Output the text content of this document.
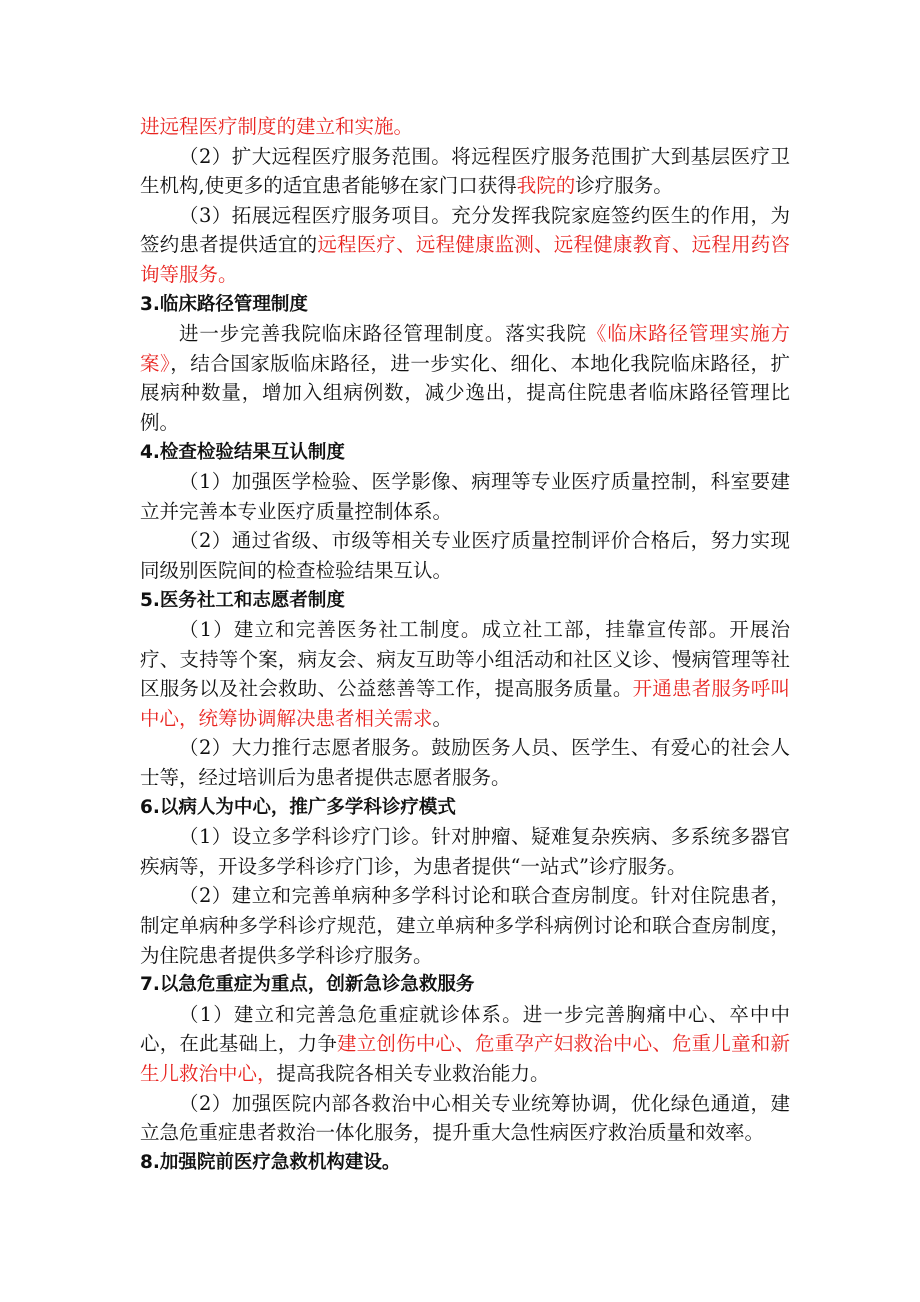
进远程医疗制度的建立和实施。

（2）扩大远程医疗服务范围。将远程医疗服务范围扩大到基层医疗卫生机构,使更多的适宜患者能够在家门口获得我院的诊疗服务。

（3）拓展远程医疗服务项目。充分发挥我院家庭签约医生的作用，为签约患者提供适宜的远程医疗、远程健康监测、远程健康教育、远程用药咨询等服务。

3.临床路径管理制度

进一步完善我院临床路径管理制度。落实我院《临床路径管理实施方案》，结合国家版临床路径，进一步实化、细化、本地化我院临床路径，扩展病种数量，增加入组病例数，减少逸出，提高住院患者临床路径管理比例。

4.检查检验结果互认制度

（1）加强医学检验、医学影像、病理等专业医疗质量控制，科室要建立并完善本专业医疗质量控制体系。

（2）通过省级、市级等相关专业医疗质量控制评价合格后，努力实现同级别医院间的检查检验结果互认。

5.医务社工和志愿者制度

（1）建立和完善医务社工制度。成立社工部，挂靠宣传部。开展治疗、支持等个案，病友会、病友互助等小组活动和社区义诊、慢病管理等社区服务以及社会救助、公益慈善等工作，提高服务质量。开通患者服务呼叫中心，统筹协调解决患者相关需求。

（2）大力推行志愿者服务。鼓励医务人员、医学生、有爱心的社会人士等，经过培训后为患者提供志愿者服务。

6.以病人为中心，推广多学科诊疗模式

（1）设立多学科诊疗门诊。针对肿瘤、疑难复杂疾病、多系统多器官疾病等，开设多学科诊疗门诊，为患者提供“一站式”诊疗服务。

（2）建立和完善单病种多学科讨论和联合查房制度。针对住院患者，制定单病种多学科诊疗规范，建立单病种多学科病例讨论和联合查房制度，为住院患者提供多学科诊疗服务。

7.以急危重症为重点，创新急诊急救服务

（1）建立和完善急危重症就诊体系。进一步完善胸痛中心、卒中中心，在此基础上，力争建立创伤中心、危重孕产妇救治中心、危重儿童和新生儿救治中心，提高我院各相关专业救治能力。

（2）加强医院内部各救治中心相关专业统筹协调，优化绿色通道，建立急危重症患者救治一体化服务，提升重大急性病医疗救治质量和效率。

8.加强院前医疗急救机构建设。
